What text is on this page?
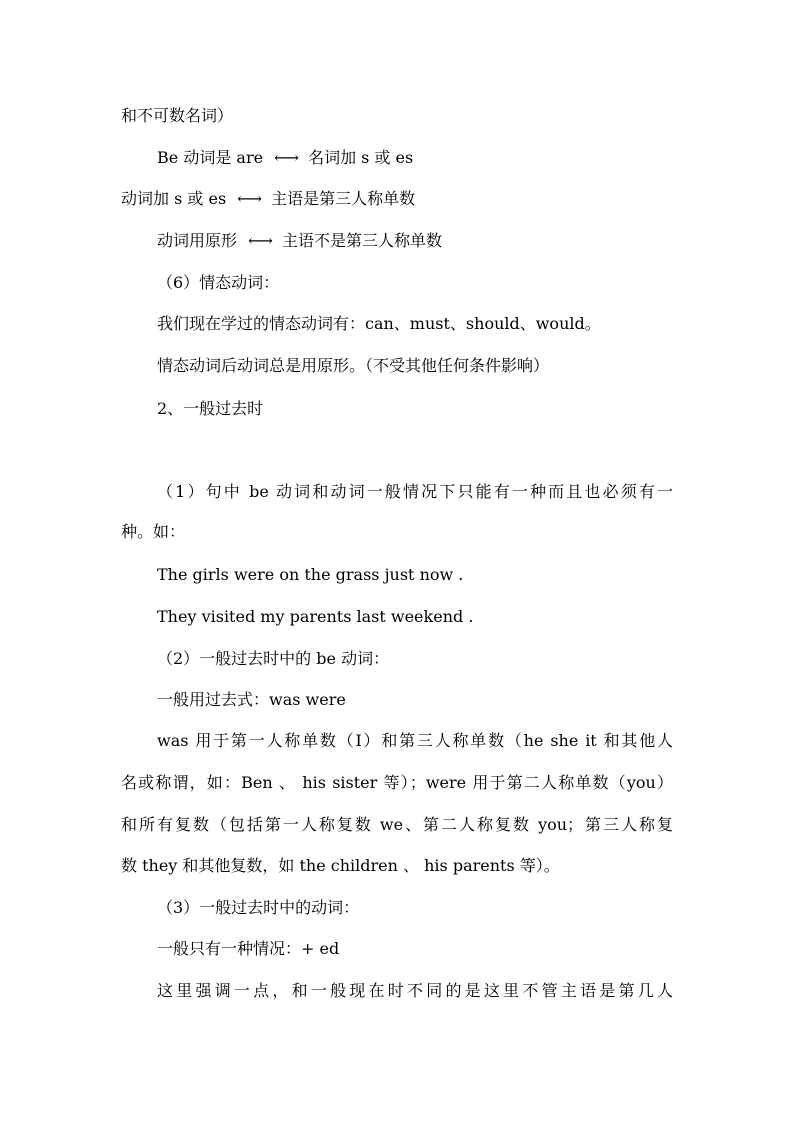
和不可数名词）
Be 动词是 are ←→ 名词加 s 或 es
动词加 s 或 es ←→ 主语是第三人称单数
动词用原形 ←→ 主语不是第三人称单数
（6）情态动词：
我们现在学过的情态动词有：can、must、should、would。
情态动词后动词总是用原形。（不受其他任何条件影响）
2、一般过去时
（1）句中 be 动词和动词一般情况下只能有一种而且也必须有一
种。如：
The girls were on the grass just now .
They visited my parents last weekend .
（2）一般过去时中的 be 动词：
一般用过去式：was were
was 用于第一人称单数（I）和第三人称单数（he she it 和其他人
名或称谓，如：Ben 、 his sister 等）；were 用于第二人称单数（you）
和所有复数（包括第一人称复数 we、第二人称复数 you；第三人称复
数 they 和其他复数，如 the children 、 his parents 等）。
（3）一般过去时中的动词：
一般只有一种情况：+ ed
这里强调一点，和一般现在时不同的是这里不管主语是第几人
